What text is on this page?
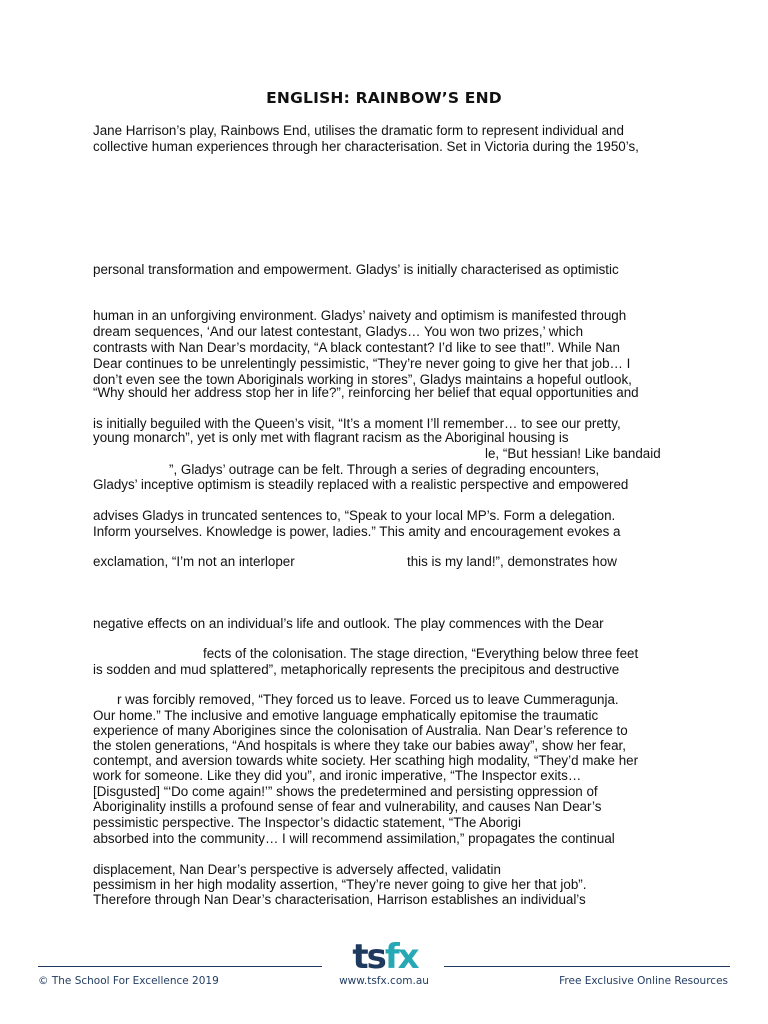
ENGLISH: RAINBOW’S END
Jane Harrison’s play, Rainbows End, utilises the dramatic form to represent individual and
collective human experiences through her characterisation. Set in Victoria during the 1950’s,
personal transformation and empowerment. Gladys’ is initially characterised as optimistic
human in an unforgiving environment. Gladys’ naivety and optimism is manifested through
dream sequences, ‘And our latest contestant, Gladys… You won two prizes,’ which
contrasts with Nan Dear’s mordacity, “A black contestant? I’d like to see that!”. While Nan
Dear continues to be unrelentingly pessimistic, “They’re never going to give her that job… I
don’t even see the town Aboriginals working in stores”, Gladys maintains a hopeful outlook,
“Why should her address stop her in life?”, reinforcing her belief that equal opportunities and
is initially beguiled with the Queen’s visit, “It’s a moment I’ll remember… to see our pretty,
young monarch”, yet is only met with flagrant racism as the Aboriginal housing is
le, “But hessian! Like bandaid
”, Gladys’ outrage can be felt. Through a series of degrading encounters,
Gladys’ inceptive optimism is steadily replaced with a realistic perspective and empowered
advises Gladys in truncated sentences to, “Speak to your local MP’s. Form a delegation.
Inform yourselves. Knowledge is power, ladies.” This amity and encouragement evokes a
exclamation, “I’m not an interloper	this is my land!”, demonstrates how
negative effects on an individual’s life and outlook. The play commences with the Dear
fects of the colonisation. The stage direction, “Everything below three feet
is sodden and mud splattered”, metaphorically represents the precipitous and destructive
r was forcibly removed, “They forced us to leave. Forced us to leave Cummeragunja.
Our home.” The inclusive and emotive language emphatically epitomise the traumatic
experience of many Aborigines since the colonisation of Australia. Nan Dear’s reference to
the stolen generations, “And hospitals is where they take our babies away”, show her fear,
contempt, and aversion towards white society. Her scathing high modality, “They’d make her
work for someone. Like they did you”, and ironic imperative, “The Inspector exits…
[Disgusted] “‘Do come again!’” shows the predetermined and persisting oppression of
Aboriginality instills a profound sense of fear and vulnerability, and causes Nan Dear’s
pessimistic perspective. The Inspector’s didactic statement, “The Aborigi
absorbed into the community… I will recommend assimilation,” propagates the continual
displacement, Nan Dear’s perspective is adversely affected, validatin
pessimism in her high modality assertion, “They’re never going to give her that job”.
Therefore through Nan Dear’s characterisation, Harrison establishes an individual’s
tsfx
© The School For Excellence 2019	www.tsfx.com.au	Free Exclusive Online Resources
